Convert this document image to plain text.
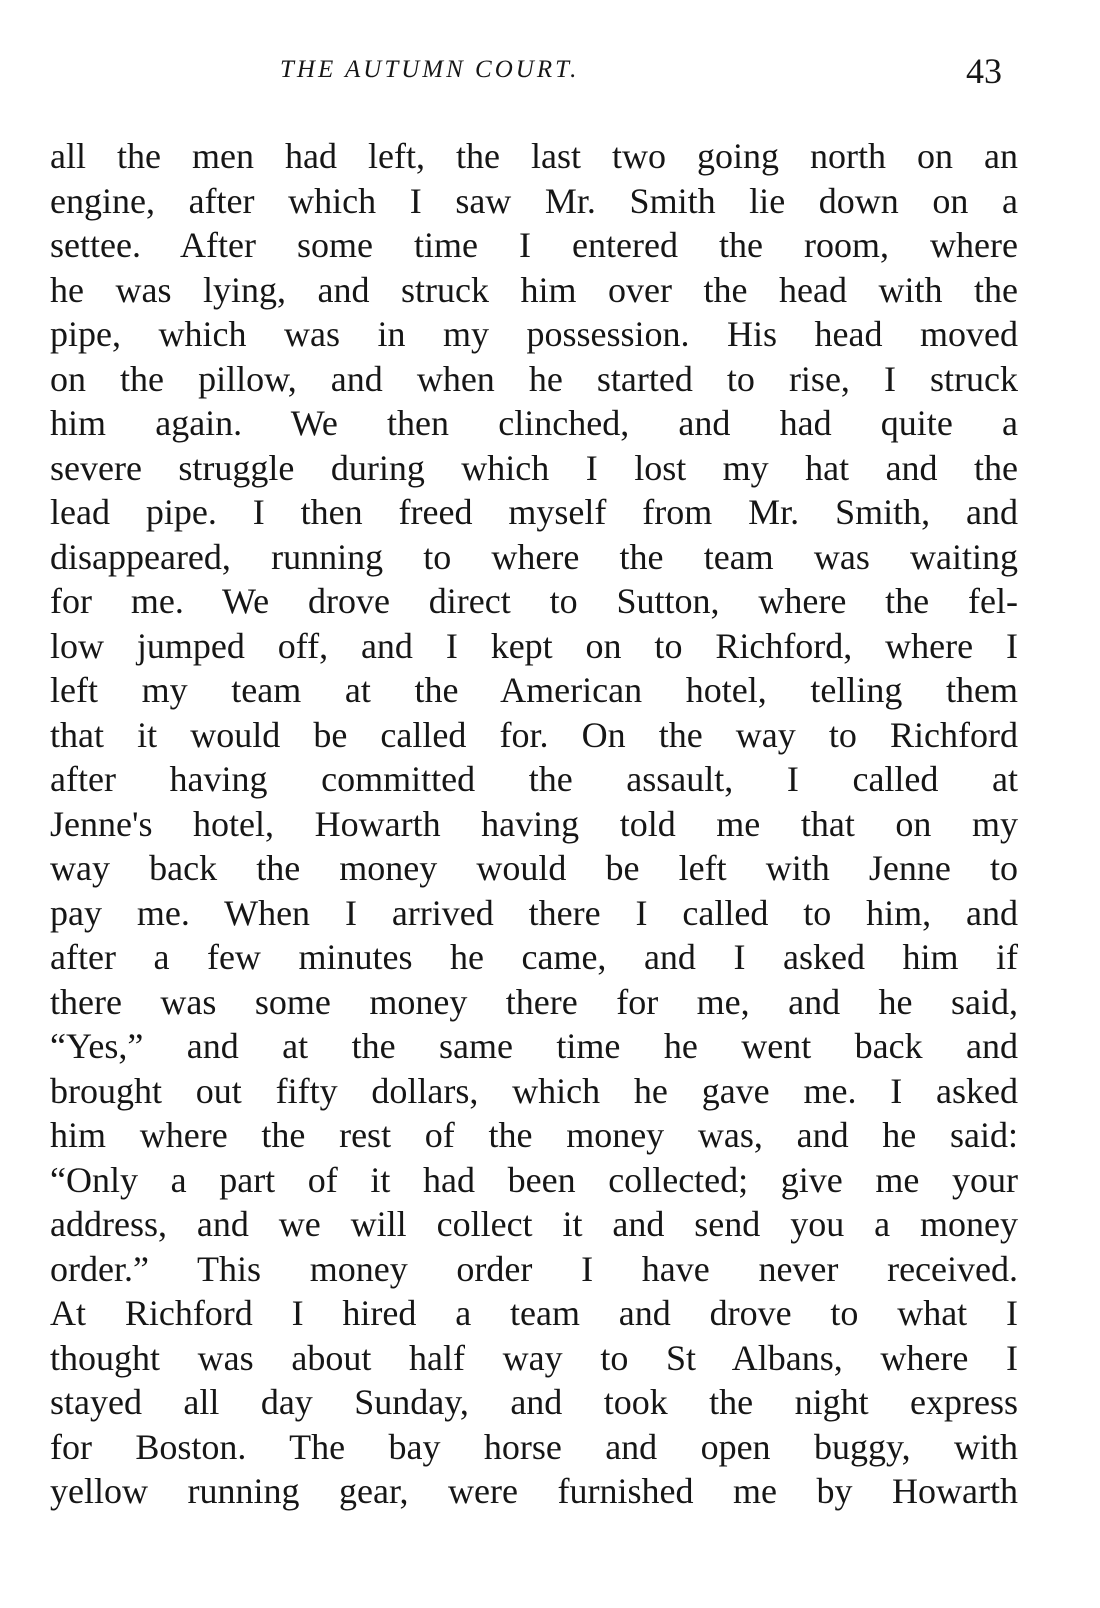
THE AUTUMN COURT.	43
all the men had left, the last two going north on an
engine, after which I saw Mr. Smith lie down on a
settee. After some time I entered the room, where
he was lying, and struck him over the head with the
pipe, which was in my possession. His head moved
on the pillow, and when he started to rise, I struck
him again. We then clinched, and had quite a
severe struggle during which I lost my hat and the
lead pipe. I then freed myself from Mr. Smith, and
disappeared, running to where the team was waiting
for me. We drove direct to Sutton, where the fel-
low jumped off, and I kept on to Richford, where I
left my team at the American hotel, telling them
that it would be called for. On the way to Richford
after having committed the assault, I called at
Jenne's hotel, Howarth having told me that on my
way back the money would be left with Jenne to
pay me. When I arrived there I called to him, and
after a few minutes he came, and I asked him if
there was some money there for me, and he said,
“Yes,” and at the same time he went back and
brought out fifty dollars, which he gave me. I asked
him where the rest of the money was, and he said:
“Only a part of it had been collected; give me your
address, and we will collect it and send you a money
order.” This money order I have never received.
At Richford I hired a team and drove to what I
thought was about half way to St Albans, where I
stayed all day Sunday, and took the night express
for Boston. The bay horse and open buggy, with
yellow running gear, were furnished me by Howarth
